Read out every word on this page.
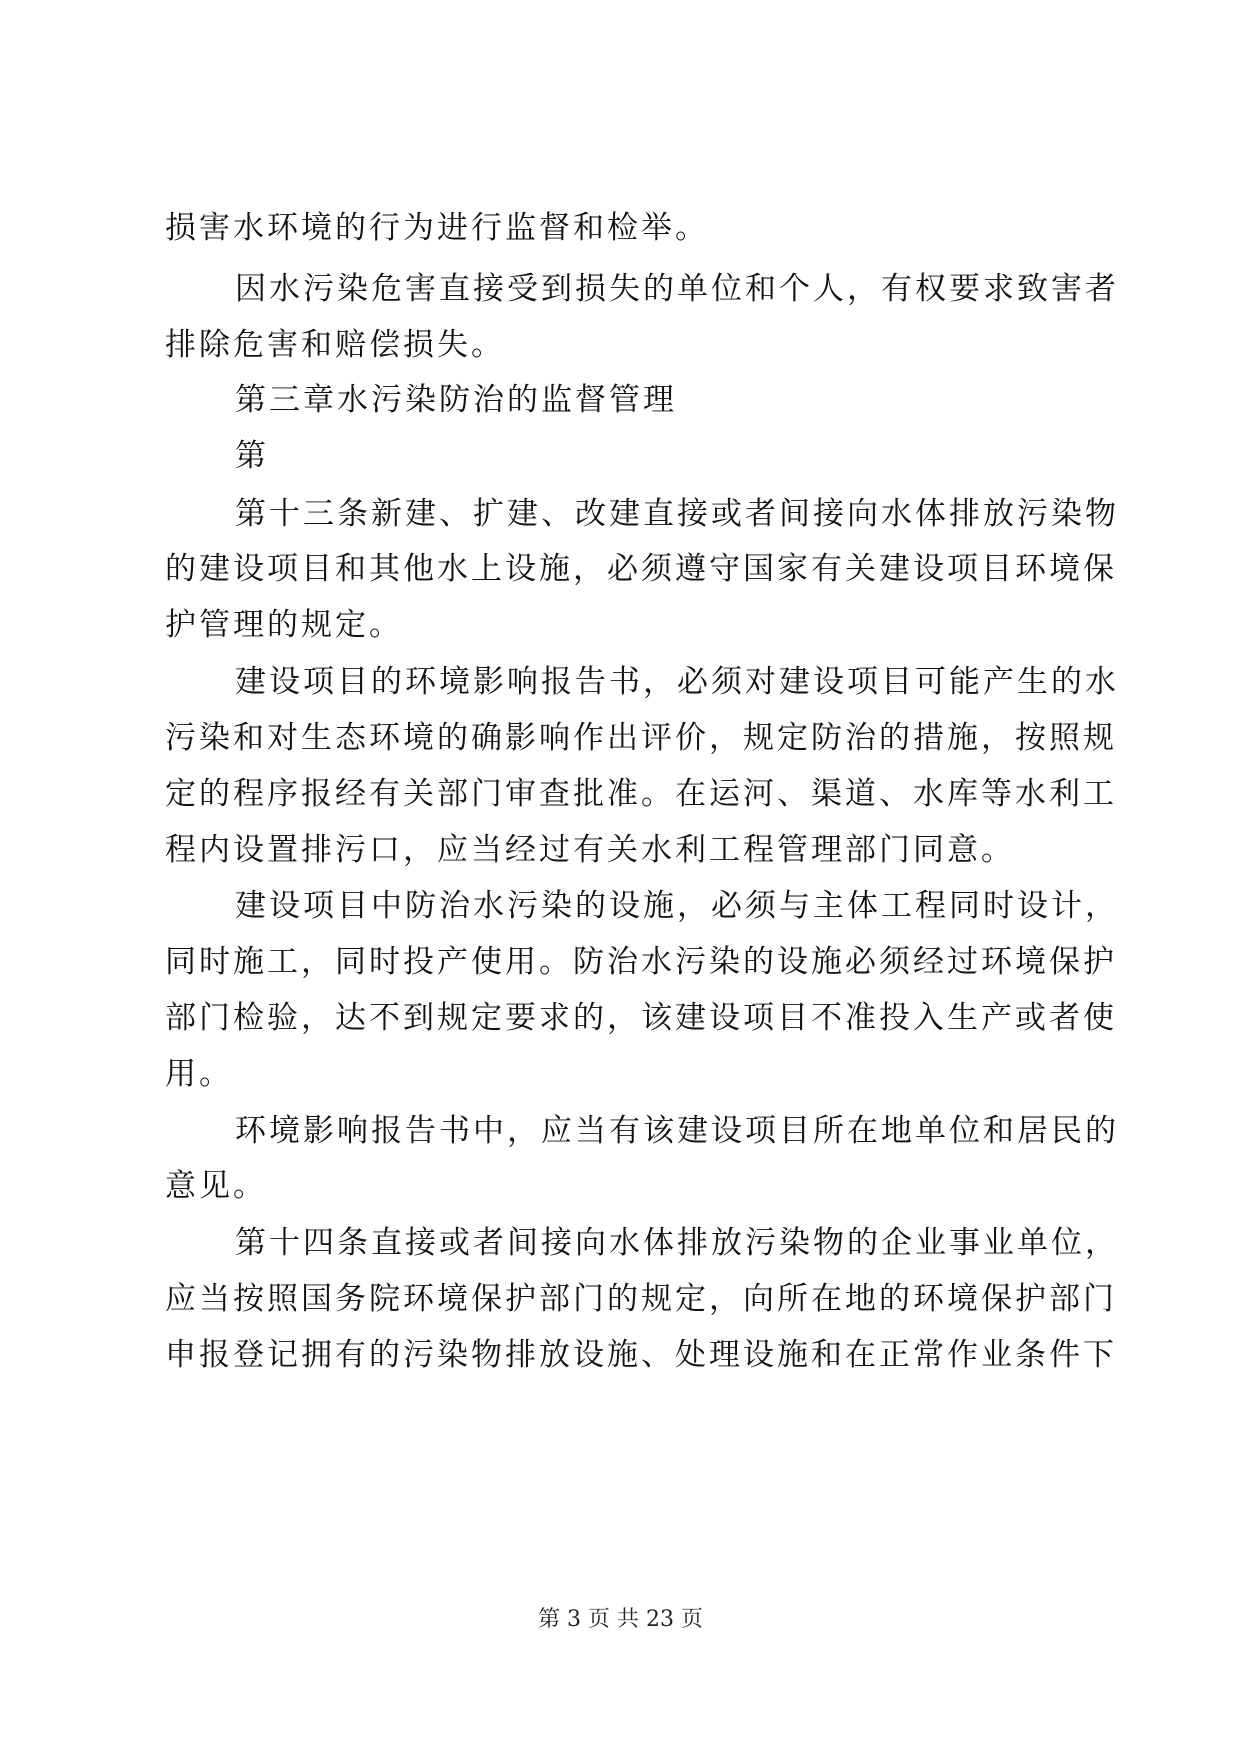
损害水环境的行为进行监督和检举。
因水污染危害直接受到损失的单位和个人，有权要求致害者
排除危害和赔偿损失。
第三章水污染防治的监督管理
第
第十三条新建、扩建、改建直接或者间接向水体排放污染物
的建设项目和其他水上设施，必须遵守国家有关建设项目环境保
护管理的规定。
建设项目的环境影响报告书，必须对建设项目可能产生的水
污染和对生态环境的确影响作出评价，规定防治的措施，按照规
定的程序报经有关部门审查批准。在运河、渠道、水库等水利工
程内设置排污口，应当经过有关水利工程管理部门同意。
建设项目中防治水污染的设施，必须与主体工程同时设计，
同时施工，同时投产使用。防治水污染的设施必须经过环境保护
部门检验，达不到规定要求的，该建设项目不准投入生产或者使
用。
环境影响报告书中，应当有该建设项目所在地单位和居民的
意见。
第十四条直接或者间接向水体排放污染物的企业事业单位，
应当按照国务院环境保护部门的规定，向所在地的环境保护部门
申报登记拥有的污染物排放设施、处理设施和在正常作业条件下
第 3 页 共 23 页
